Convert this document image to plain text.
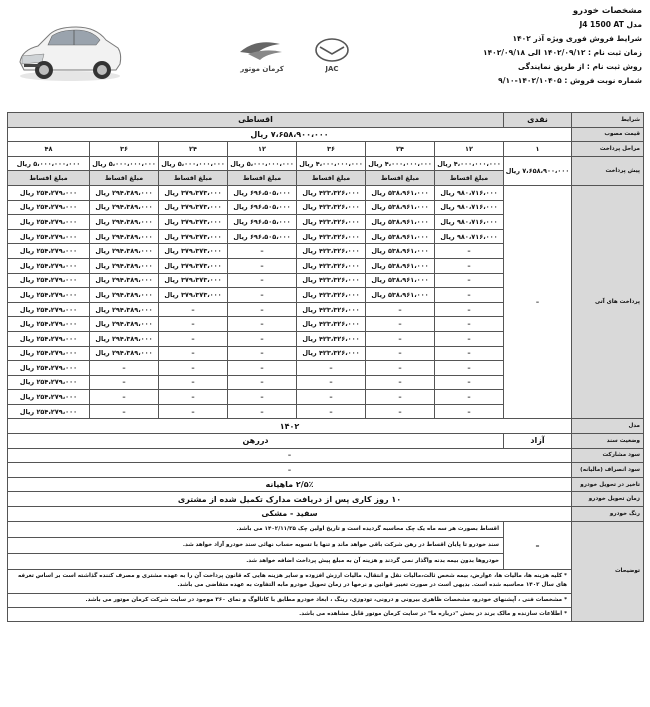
JAC
کرمان موتور
مشخصات خودرو
مدل J4 1500 AT
شرایط فروش فوری ویژه آذر ۱۴۰۲
زمان ثبت نام : ۱۴۰۲/۰۹/۱۲ الی ۱۴۰۲/۰۹/۱۸
روش ثبت نام : از طریق نمایندگی
شماره نوبت فروش : ۱۴۰۲/۱۰۴۰۵-۹/۱۰
شرایط	نقدی	اقساطی						
قیمت مصوب	۷،۶۵۸،۹۰۰،۰۰۰ ریال							
مراحل پرداخت	۱	۱۲	۲۴	۳۶	۱۲	۲۴	۳۶	۴۸
پیش پرداخت	۷،۶۵۸،۹۰۰،۰۰۰ ریال	۴،۰۰۰،۰۰۰،۰۰۰ ریال	۴،۰۰۰،۰۰۰،۰۰۰ ریال	۴،۰۰۰،۰۰۰،۰۰۰ ریال	۵،۰۰۰،۰۰۰،۰۰۰ ریال	۵،۰۰۰،۰۰۰،۰۰۰ ریال	۵،۰۰۰،۰۰۰،۰۰۰ ریال	۵،۰۰۰،۰۰۰،۰۰۰ ریال
		مبلغ اقساط	مبلغ اقساط	مبلغ اقساط	مبلغ اقساط	مبلغ اقساط	مبلغ اقساط	مبلغ اقساط
پرداخت های آتی	–	۹۸۰،۷۱۶،۰۰۰ ریال	۵۳۸،۹۶۱،۰۰۰ ریال	۴۲۳،۳۲۶،۰۰۰ ریال	۶۹۶،۵۰۵،۰۰۰ ریال	۳۷۹،۳۷۳،۰۰۰ ریال	۲۹۴،۳۸۹،۰۰۰ ریال	۲۵۴،۲۷۹،۰۰۰ ریال
		۹۸۰،۷۱۶،۰۰۰ ریال	۵۳۸،۹۶۱،۰۰۰ ریال	۴۲۳،۳۲۶،۰۰۰ ریال	۶۹۶،۵۰۵،۰۰۰ ریال	۳۷۹،۳۷۳،۰۰۰ ریال	۲۹۴،۳۸۹،۰۰۰ ریال	۲۵۴،۲۷۹،۰۰۰ ریال
		۹۸۰،۷۱۶،۰۰۰ ریال	۵۳۸،۹۶۱،۰۰۰ ریال	۴۲۳،۳۲۶،۰۰۰ ریال	۶۹۶،۵۰۵،۰۰۰ ریال	۳۷۹،۳۷۳،۰۰۰ ریال	۲۹۴،۳۸۹،۰۰۰ ریال	۲۵۴،۲۷۹،۰۰۰ ریال
		۹۸۰،۷۱۶،۰۰۰ ریال	۵۳۸،۹۶۱،۰۰۰ ریال	۴۲۳،۳۲۶،۰۰۰ ریال	۶۹۶،۵۰۵،۰۰۰ ریال	۳۷۹،۳۷۳،۰۰۰ ریال	۲۹۴،۳۸۹،۰۰۰ ریال	۲۵۴،۲۷۹،۰۰۰ ریال
		–	۵۳۸،۹۶۱،۰۰۰ ریال	۴۲۳،۳۲۶،۰۰۰ ریال	–	۳۷۹،۳۷۳،۰۰۰ ریال	۲۹۴،۳۸۹،۰۰۰ ریال	۲۵۴،۲۷۹،۰۰۰ ریال
		–	۵۳۸،۹۶۱،۰۰۰ ریال	۴۲۳،۳۲۶،۰۰۰ ریال	–	۳۷۹،۳۷۳،۰۰۰ ریال	۲۹۴،۳۸۹،۰۰۰ ریال	۲۵۴،۲۷۹،۰۰۰ ریال
		–	۵۳۸،۹۶۱،۰۰۰ ریال	۴۲۳،۳۲۶،۰۰۰ ریال	–	۳۷۹،۳۷۳،۰۰۰ ریال	۲۹۴،۳۸۹،۰۰۰ ریال	۲۵۴،۲۷۹،۰۰۰ ریال
		–	۵۳۸،۹۶۱،۰۰۰ ریال	۴۲۳،۳۲۶،۰۰۰ ریال	–	۳۷۹،۳۷۳،۰۰۰ ریال	۲۹۴،۳۸۹،۰۰۰ ریال	۲۵۴،۲۷۹،۰۰۰ ریال
		–	–	۴۲۳،۳۲۶،۰۰۰ ریال	–	–	۲۹۴،۳۸۹،۰۰۰ ریال	۲۵۴،۲۷۹،۰۰۰ ریال
		–	–	۴۲۳،۳۲۶،۰۰۰ ریال	–	–	۲۹۴،۳۸۹،۰۰۰ ریال	۲۵۴،۲۷۹،۰۰۰ ریال
		–	–	۴۲۳،۳۲۶،۰۰۰ ریال	–	–	۲۹۴،۳۸۹،۰۰۰ ریال	۲۵۴،۲۷۹،۰۰۰ ریال
		–	–	۴۲۳،۳۲۶،۰۰۰ ریال	–	–	۲۹۴،۳۸۹،۰۰۰ ریال	۲۵۴،۲۷۹،۰۰۰ ریال
		–	–	–	–	–	–	۲۵۴،۲۷۹،۰۰۰ ریال
		–	–	–	–	–	–	۲۵۴،۲۷۹،۰۰۰ ریال
		–	–	–	–	–	–	۲۵۴،۲۷۹،۰۰۰ ریال
		–	–	–	–	–	–	۲۵۴،۲۷۹،۰۰۰ ریال
مدل	۱۴۰۲							
وضعیت سند	آزاد	دررهن						
سود مشارکت	–							
سود انصراف (ماليانه)	–							
تاخیر در تحویل خودرو	۲/۵٪ ماهیانه							
زمان تحویل خودرو	۱۰ روز کاری پس از دریافت مدارک تکمیل شده از مشتری							
رنگ خودرو	سفید - مشکی							
توضیحات	–	اقساط بصورت هر سه ماه یک چک محاسبه گردیده است و تاریخ اولین چک ۱۴۰۲/۱۱/۲۵ می باشد.						
		سند خودرو تا پایان اقساط در رهن شرکت باقی خواهد ماند و تنها با تسویه حساب نهائی سند خودرو آزاد خواهد شد.						
		خودروها بدون بیمه بدنه واگذار نمی گردند و هزینه آن به مبلغ پیش پرداخت اضافه خواهد شد.						
	* کلیه هزینه ها، مالیات ها، عوارض، بیمه شخص ثالث،مالیات نقل و انتقال، مالیات ارزش افزوده و سایر هزینه هایی که قانون پرداخت آن را به عهده مشتری و مصرف کننده گذاشته است بر اساس تعرفه های سال ۱۴۰۲ محاسبه شده است. بدیهی است در صورت تغییر قوانین و نرخها در زمان تحویل خودرو مابه التفاوت به عهده متقاضی می باشد.							
	* مشخصات فنی ، آپشنهای خودرو، مشخصات ظاهری بیرونی و درونی، تودوزی، رینگ ، ابعاد خودرو مطابق با کاتالوگ و نمای ۳۶۰ موجود در سایت شرکت کرمان موتور می باشد.							
	* اطلاعات سازنده و مالک برند در بخش "درباره ما" در سایت کرمان موتور قابل مشاهده می باشد.							
